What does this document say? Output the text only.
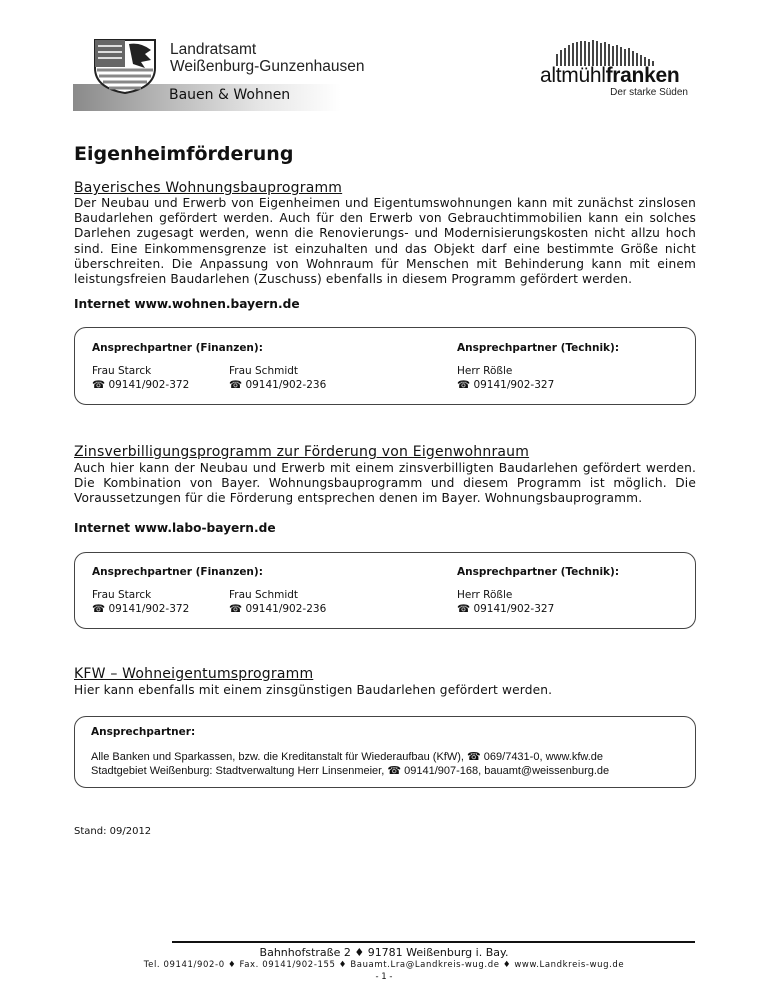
Landratsamt
Weißenburg-Gunzenhausen
Bauen & Wohnen
altmühlfranken
Der starke Süden
Eigenheimförderung
Bayerisches Wohnungsbauprogramm
Der Neubau und Erwerb von Eigenheimen und Eigentumswohnungen kann mit zunächst zinslosen Baudarlehen gefördert werden. Auch für den Erwerb von Gebrauchtimmobilien kann ein solches Darlehen zugesagt werden, wenn die Renovierungs- und Modernisierungskosten nicht allzu hoch sind. Eine Einkommensgrenze ist einzuhalten und das Objekt darf eine bestimmte Größe nicht überschreiten. Die Anpassung von Wohnraum für Menschen mit Behinderung kann mit einem leistungsfreien Baudarlehen (Zuschuss) ebenfalls in diesem Programm gefördert werden.
Internet www.wohnen.bayern.de
Ansprechpartner (Finanzen):	Ansprechpartner (Technik):
Frau Starck
☎ 09141/902-372
Frau Schmidt
☎ 09141/902-236
Herr Rößle
☎ 09141/902-327
Zinsverbilligungsprogramm zur Förderung von Eigenwohnraum
Auch hier kann der Neubau und Erwerb mit einem zinsverbilligten Baudarlehen gefördert werden. Die Kombination von Bayer. Wohnungsbauprogramm und diesem Programm ist möglich. Die Voraussetzungen für die Förderung entsprechen denen im Bayer. Wohnungsbauprogramm.
Internet www.labo-bayern.de
Ansprechpartner (Finanzen):	Ansprechpartner (Technik):
Frau Starck
☎ 09141/902-372
Frau Schmidt
☎ 09141/902-236
Herr Rößle
☎ 09141/902-327
KFW – Wohneigentumsprogramm
Hier kann ebenfalls mit einem zinsgünstigen Baudarlehen gefördert werden.
Ansprechpartner:
Alle Banken und Sparkassen, bzw. die Kreditanstalt für Wiederaufbau (KfW), ☎ 069/7431-0, www.kfw.de
Stadtgebiet Weißenburg: Stadtverwaltung Herr Linsenmeier, ☎ 09141/907-168, bauamt@weissenburg.de
Stand: 09/2012
Bahnhofstraße 2 ♦ 91781 Weißenburg i. Bay.
Tel. 09141/902-0 ♦ Fax. 09141/902-155 ♦ Bauamt.Lra@Landkreis-wug.de ♦ www.Landkreis-wug.de
- 1 -
